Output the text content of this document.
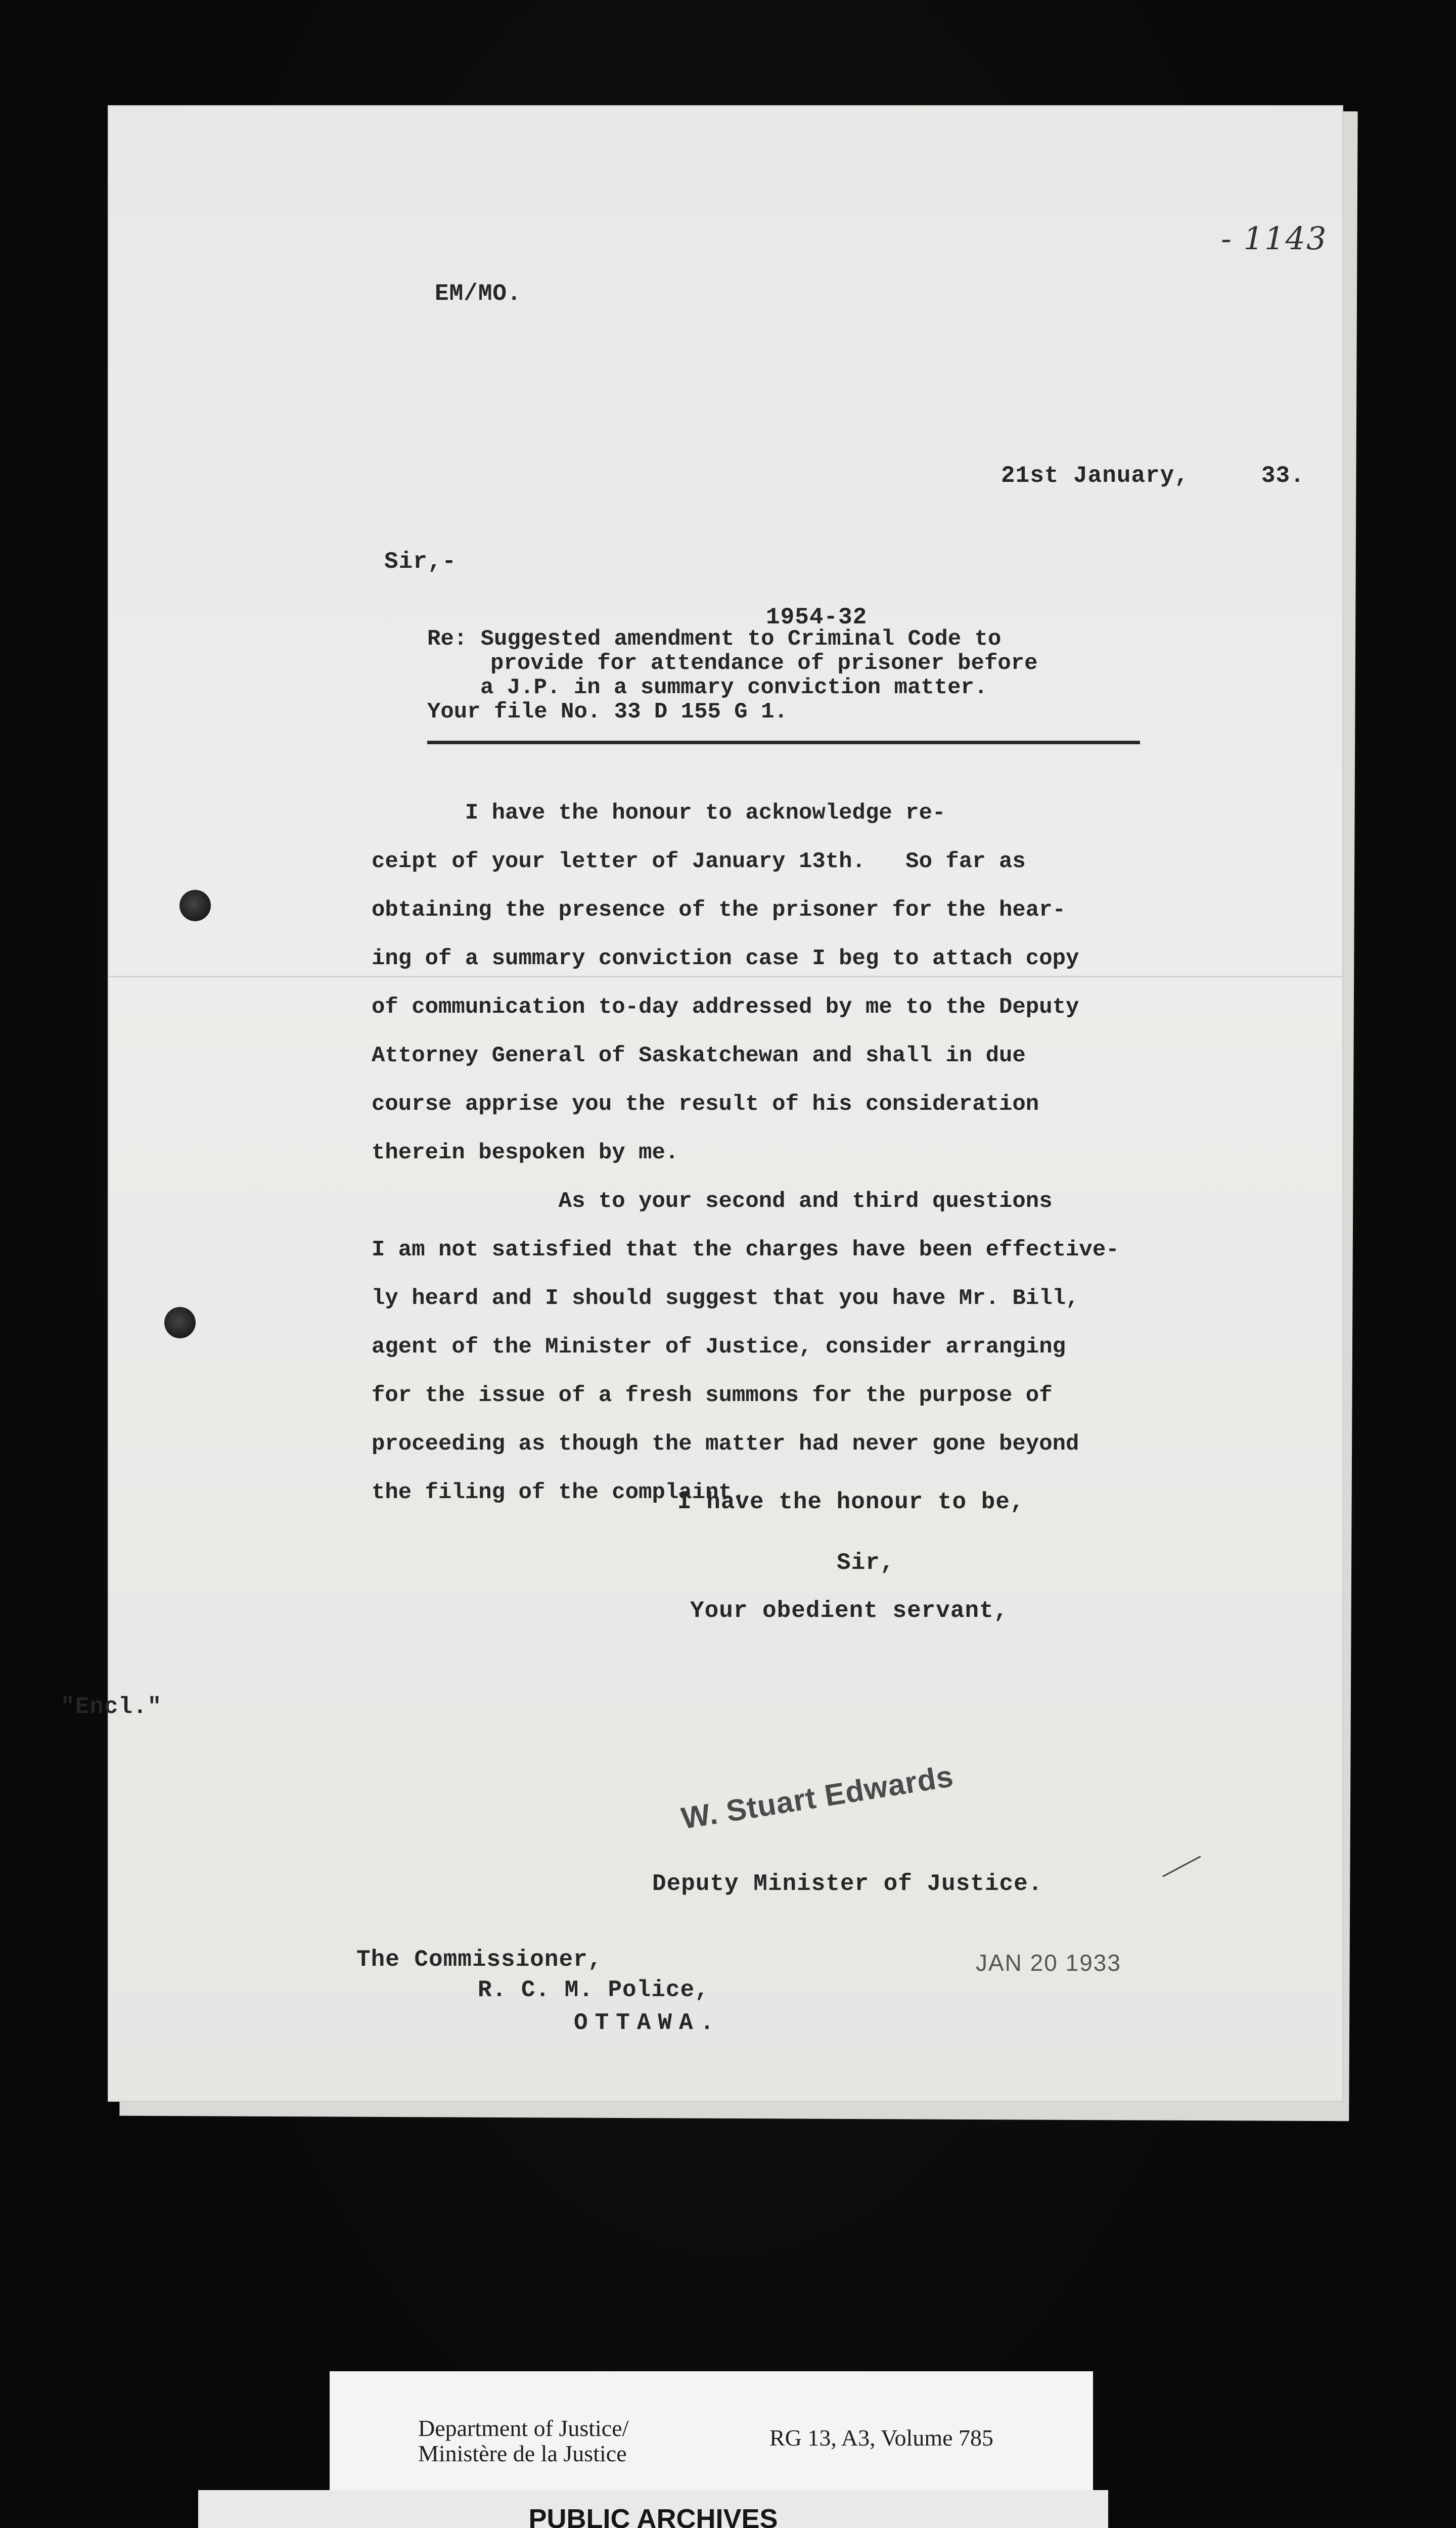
- 1143
EM/MO.
21st January,     33.
Sir,-
1954-32
Re: Suggested amendment to Criminal Code to
provide for attendance of prisoner before
a J.P. in a summary conviction matter.
Your file No. 33 D 155 G 1.
I have the honour to acknowledge re-
ceipt of your letter of January 13th.   So far as
obtaining the presence of the prisoner for the hear-
ing of a summary conviction case I beg to attach copy
of communication to-day addressed by me to the Deputy
Attorney General of Saskatchewan and shall in due
course apprise you the result of his consideration
therein bespoken by me.
As to your second and third questions
I am not satisfied that the charges have been effective-
ly heard and I should suggest that you have Mr. Bill,
agent of the Minister of Justice, consider arranging
for the issue of a fresh summons for the purpose of
proceeding as though the matter had never gone beyond
the filing of the complaint.
I have the honour to be,
Sir,
Your obedient servant,
"Encl."
W. Stuart Edwards
Deputy Minister of Justice.
The Commissioner,
R. C. M. Police,
OTTAWA.
JAN 20 1933
Department of Justice/
Ministère de la Justice
RG 13, A3, Volume 785
PUBLIC ARCHIVES
